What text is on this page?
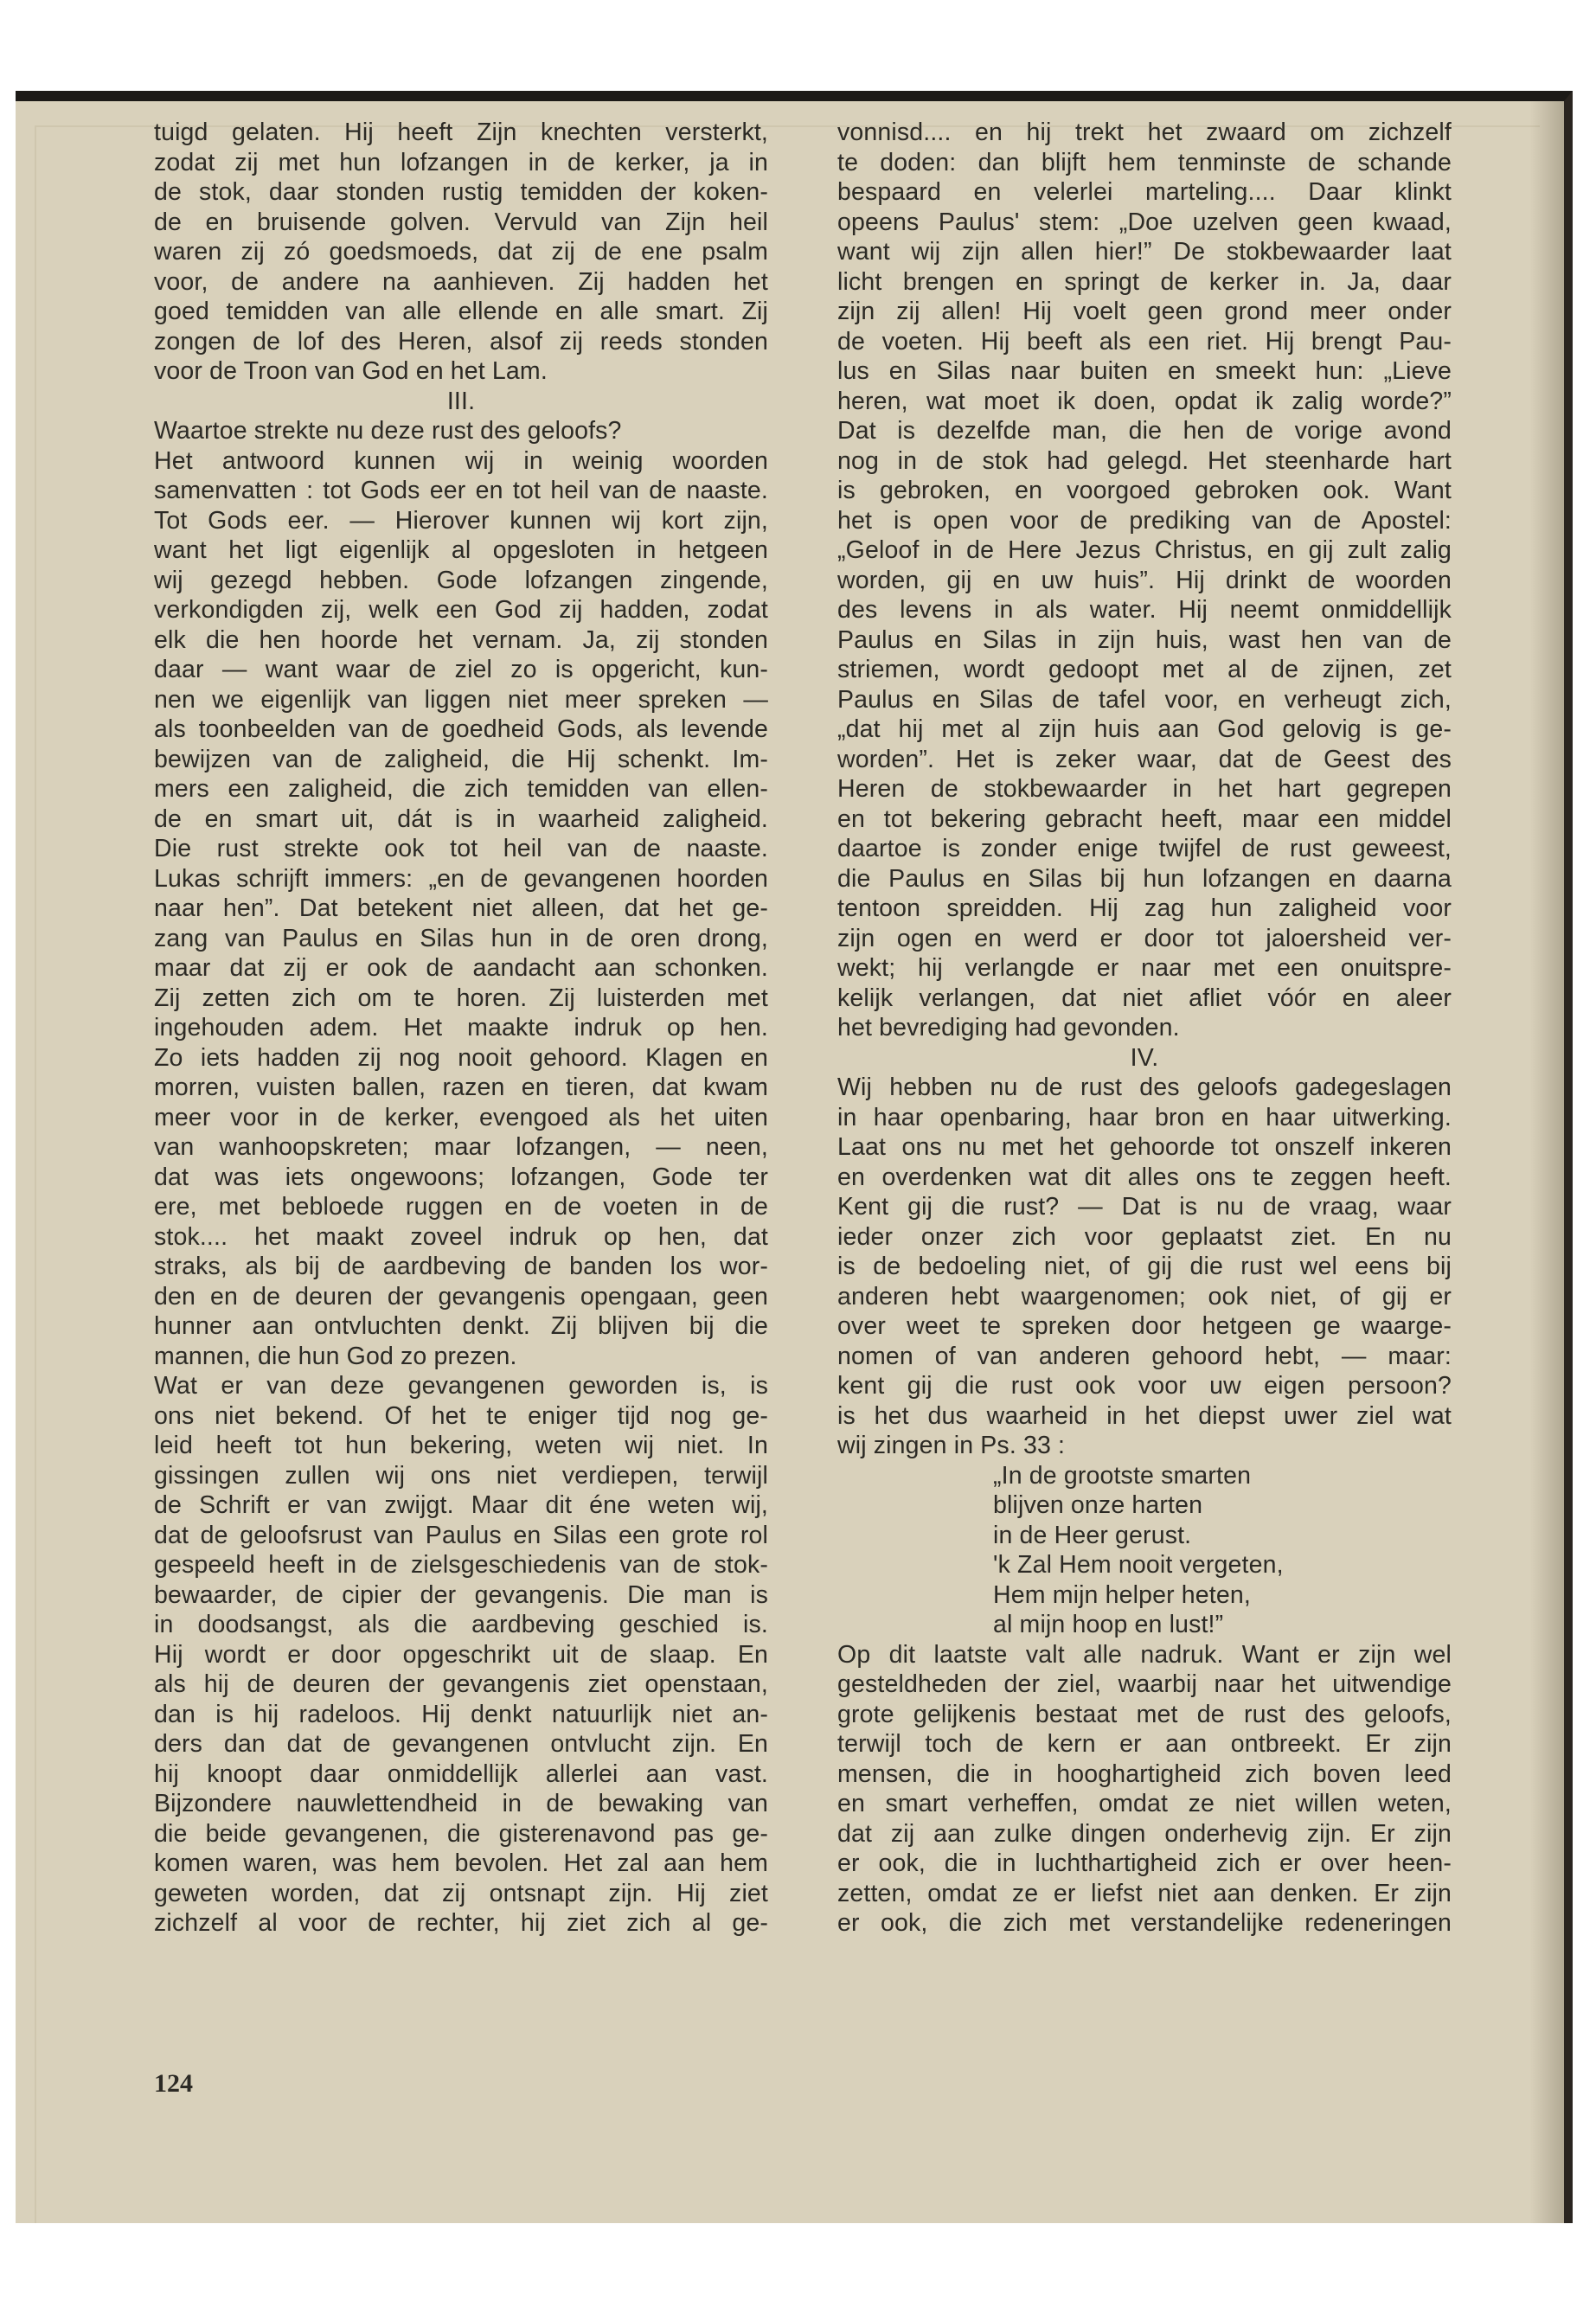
tuigd gelaten. Hij heeft Zijn knechten versterkt,
zodat zij met hun lofzangen in de kerker, ja in
de stok, daar stonden rustig temidden der koken-
de en bruisende golven. Vervuld van Zijn heil
waren zij zó goedsmoeds, dat zij de ene psalm
voor, de andere na aanhieven. Zij hadden het
goed temidden van alle ellende en alle smart. Zij
zongen de lof des Heren, alsof zij reeds stonden
voor de Troon van God en het Lam.
III.
Waartoe strekte nu deze rust des geloofs?
Het antwoord kunnen wij in weinig woorden
samenvatten : tot Gods eer en tot heil van de naaste.
Tot Gods eer. — Hierover kunnen wij kort zijn,
want het ligt eigenlijk al opgesloten in hetgeen
wij gezegd hebben. Gode lofzangen zingende,
verkondigden zij, welk een God zij hadden, zodat
elk die hen hoorde het vernam. Ja, zij stonden
daar — want waar de ziel zo is opgericht, kun-
nen we eigenlijk van liggen niet meer spreken —
als toonbeelden van de goedheid Gods, als levende
bewijzen van de zaligheid, die Hij schenkt. Im-
mers een zaligheid, die zich temidden van ellen-
de en smart uit, dát is in waarheid zaligheid.
Die rust strekte ook tot heil van de naaste.
Lukas schrijft immers: „en de gevangenen hoorden
naar hen”. Dat betekent niet alleen, dat het ge-
zang van Paulus en Silas hun in de oren drong,
maar dat zij er ook de aandacht aan schonken.
Zij zetten zich om te horen. Zij luisterden met
ingehouden adem. Het maakte indruk op hen.
Zo iets hadden zij nog nooit gehoord. Klagen en
morren, vuisten ballen, razen en tieren, dat kwam
meer voor in de kerker, evengoed als het uiten
van wanhoopskreten; maar lofzangen, — neen,
dat was iets ongewoons; lofzangen, Gode ter
ere, met bebloede ruggen en de voeten in de
stok.... het maakt zoveel indruk op hen, dat
straks, als bij de aardbeving de banden los wor-
den en de deuren der gevangenis opengaan, geen
hunner aan ontvluchten denkt. Zij blijven bij die
mannen, die hun God zo prezen.
Wat er van deze gevangenen geworden is, is
ons niet bekend. Of het te eniger tijd nog ge-
leid heeft tot hun bekering, weten wij niet. In
gissingen zullen wij ons niet verdiepen, terwijl
de Schrift er van zwijgt. Maar dit éne weten wij,
dat de geloofsrust van Paulus en Silas een grote rol
gespeeld heeft in de zielsgeschiedenis van de stok-
bewaarder, de cipier der gevangenis. Die man is
in doodsangst, als die aardbeving geschied is.
Hij wordt er door opgeschrikt uit de slaap. En
als hij de deuren der gevangenis ziet openstaan,
dan is hij radeloos. Hij denkt natuurlijk niet an-
ders dan dat de gevangenen ontvlucht zijn. En
hij knoopt daar onmiddellijk allerlei aan vast.
Bijzondere nauwlettendheid in de bewaking van
die beide gevangenen, die gisterenavond pas ge-
komen waren, was hem bevolen. Het zal aan hem
geweten worden, dat zij ontsnapt zijn. Hij ziet
zichzelf al voor de rechter, hij ziet zich al ge-
vonnisd.... en hij trekt het zwaard om zichzelf
te doden: dan blijft hem tenminste de schande
bespaard en velerlei marteling.... Daar klinkt
opeens Paulus' stem: „Doe uzelven geen kwaad,
want wij zijn allen hier!” De stokbewaarder laat
licht brengen en springt de kerker in. Ja, daar
zijn zij allen! Hij voelt geen grond meer onder
de voeten. Hij beeft als een riet. Hij brengt Pau-
lus en Silas naar buiten en smeekt hun: „Lieve
heren, wat moet ik doen, opdat ik zalig worde?”
Dat is dezelfde man, die hen de vorige avond
nog in de stok had gelegd. Het steenharde hart
is gebroken, en voorgoed gebroken ook. Want
het is open voor de prediking van de Apostel:
„Geloof in de Here Jezus Christus, en gij zult zalig
worden, gij en uw huis”. Hij drinkt de woorden
des levens in als water. Hij neemt onmiddellijk
Paulus en Silas in zijn huis, wast hen van de
striemen, wordt gedoopt met al de zijnen, zet
Paulus en Silas de tafel voor, en verheugt zich,
„dat hij met al zijn huis aan God gelovig is ge-
worden”. Het is zeker waar, dat de Geest des
Heren de stokbewaarder in het hart gegrepen
en tot bekering gebracht heeft, maar een middel
daartoe is zonder enige twijfel de rust geweest,
die Paulus en Silas bij hun lofzangen en daarna
tentoon spreidden. Hij zag hun zaligheid voor
zijn ogen en werd er door tot jaloersheid ver-
wekt; hij verlangde er naar met een onuitspre-
kelijk verlangen, dat niet afliet vóór en aleer
het bevrediging had gevonden.
IV.
Wij hebben nu de rust des geloofs gadegeslagen
in haar openbaring, haar bron en haar uitwerking.
Laat ons nu met het gehoorde tot onszelf inkeren
en overdenken wat dit alles ons te zeggen heeft.
Kent gij die rust? — Dat is nu de vraag, waar
ieder onzer zich voor geplaatst ziet. En nu
is de bedoeling niet, of gij die rust wel eens bij
anderen hebt waargenomen; ook niet, of gij er
over weet te spreken door hetgeen ge waarge-
nomen of van anderen gehoord hebt, — maar:
kent gij die rust ook voor uw eigen persoon?
is het dus waarheid in het diepst uwer ziel wat
wij zingen in Ps. 33 :
„In de grootste smarten
blijven onze harten
in de Heer gerust.
'k Zal Hem nooit vergeten,
Hem mijn helper heten,
al mijn hoop en lust!”
Op dit laatste valt alle nadruk. Want er zijn wel
gesteldheden der ziel, waarbij naar het uitwendige
grote gelijkenis bestaat met de rust des geloofs,
terwijl toch de kern er aan ontbreekt. Er zijn
mensen, die in hooghartigheid zich boven leed
en smart verheffen, omdat ze niet willen weten,
dat zij aan zulke dingen onderhevig zijn. Er zijn
er ook, die in luchthartigheid zich er over heen-
zetten, omdat ze er liefst niet aan denken. Er zijn
er ook, die zich met verstandelijke redeneringen
124
